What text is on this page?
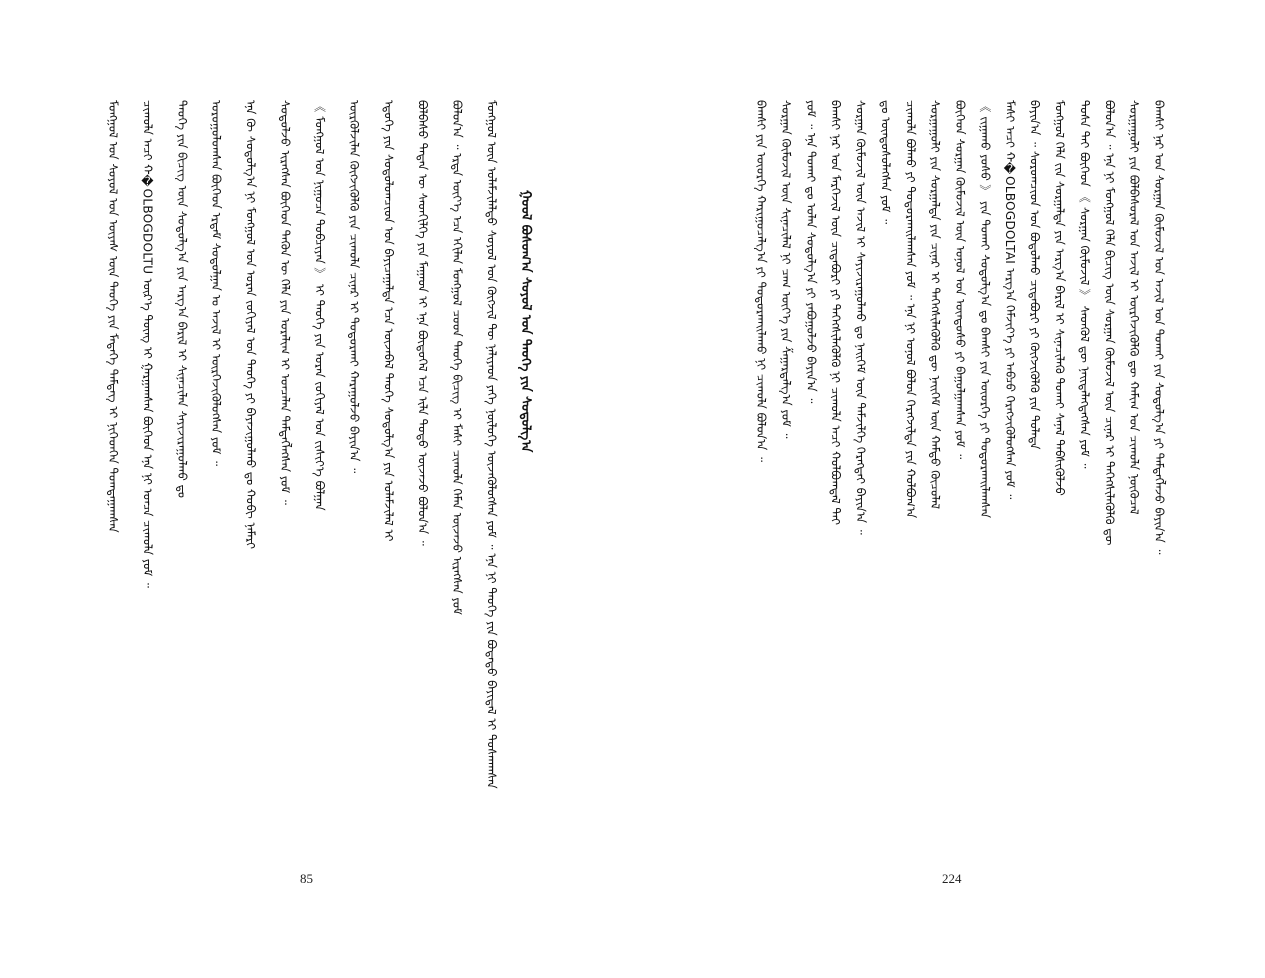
ᠮᠣᠩᠭᠣᠯ ᠤᠨ ᠰᠣᠶᠣᠯ ᠤᠨ ᠦᠶᠡᠰ ᠦᠨ ᠲᠡᠦᠬᠡ ᠶᠢᠨ ᠮᠡᠳᠡᠭᠡ ᠲᠡᠮᠳᠡᠭ ᠢ ᠨᠢᠭᠡᠳᠭᠡᠨ ᠲᠣᠭᠲᠠᠭᠠᠭᠰᠠᠨ ᠴᠢᠬᠤᠯᠠ ᠠᠴᠢ ᠬ�OLBOGDOLTU ᠦᠷ᠎ᠡ ᠳᠦᠩ ᠢ ᠭᠠᠷᠭᠠᠭᠰᠠᠨ ᠪᠥᠭᠡᠳ ᠡᠨᠡ ᠨᠢ ᠣᠨᠴᠠ ᠴᠢᠬᠤᠯᠠ ᠶᠤᠮ ᠃ ᠲᠡᠦᠬᠡ ᠶᠢᠨ ᠪᠢᠴᠢᠭ ᠦᠨ ᠰᠤᠳᠤᠯᠭ᠎ᠠ ᠶᠢᠨ ᠠᠷᠭ᠎ᠠ ᠪᠠᠷᠢᠯ ᠢ ᠰᠢᠨᠡᠴᠢᠯᠡᠨ ᠰᠠᠶᠢᠵᠢᠷᠠᠭᠤᠯᠬᠤ ᠳᠤ ᠣᠷᠣᠭᠤᠯᠤᠭᠰᠠᠨ ᠪᠥᠭᠡᠳ ᠡᠷᠳᠡᠮ ᠰᠤᠳᠤᠯᠭᠠᠨ ᠤ ᠠᠵᠢᠯ ᠢ ᠥᠷᠭᠡᠵᠢᠭᠦᠯᠦᠭᠰᠡᠨ ᠶᠤᠮ ᠃ ᠡᠨᠡ ᠬᠦ ᠰᠤᠳᠤᠯᠭ᠎ᠠ ᠨᠢ ᠮᠣᠩᠭᠣᠯ ᠤᠨ ᠤᠷᠠᠨ ᠵᠣᠬᠢᠶᠠᠯ ᠤᠨ ᠲᠡᠦᠬᠡ ᠶᠢ ᠪᠠᠶᠠᠵᠢᠭᠤᠯᠬᠤ ᠳᠤ ᠬᠤᠪᠢ ᠨᠡᠮᠡᠷᠢ ᠰᠤᠳᠤᠯᠵᠤ ᠢᠷᠡᠭᠰᠡᠨ ᠪᠥᠭᠡᠳ ᠲᠡᠭᠦᠨ ᠦ ᠬᠡᠯᠡ ᠶᠢᠨ ᠤᠷᠠᠯᠢᠭ ᠢ ᠣᠨᠴᠠᠯᠠᠨ ᠲᠡᠮᠳᠡᠭᠯᠡᠭᠰᠡᠨ ᠶᠤᠮ ᠃ 《 ᠮᠣᠩᠭᠣᠯ ᠤᠨ ᠨᠢᠭᠤᠴᠠ ᠲᠣᠪᠴᠢᠶᠠᠨ 》 ᠢ ᠲᠡᠦᠬᠡ ᠶᠢᠨ ᠤᠷᠠᠨ ᠵᠣᠬᠢᠶᠠᠯ ᠤᠨ ᠵᠢᠱᠢᠶ᠎ᠡ ᠪᠣᠯᠭᠠᠨ ᠦᠷᠭᠦᠯᠵᠢᠯᠡᠨ ᠬᠥᠭᠵᠢᠭᠦᠯᠬᠦ ᠶᠢᠨ ᠴᠢᠬᠤᠯᠠ ᠴᠢᠨᠠᠷ ᠢ ᠲᠣᠳᠤᠷᠬᠠᠢ ᠬᠠᠷᠠᠭᠤᠯᠵᠤ ᠪᠠᠶᠢᠨ᠎ᠠ ᠃ ᠡᠳᠦᠭᠡ ᠶᠢᠨ ᠰᠤᠳᠤᠯᠤᠭᠴᠢᠳ ᠤᠨ ᠪᠠᠶᠢᠴᠠᠭᠠᠯᠲᠠ ᠡᠴᠡ ᠦᠵᠡᠪᠡᠯ ᠲᠡᠦᠬᠡ ᠰᠤᠳᠤᠯᠭ᠎ᠠ ᠶᠢᠨ ᠤᠯᠠᠮᠵᠢᠯᠠᠯ ᠢ ᠪᠣᠯᠪᠠᠰᠤ ᠲᠡᠳᠡᠨ ᠦ ᠰᠡᠳᠬᠢᠯᠭᠡ ᠶᠢᠨ ᠮᠠᠭᠠᠳ ᠢ ᠡᠨᠡ ᠪᠦᠲᠦᠭᠡᠯ ᠡᠴᠡ ᠢᠯᠡ ᠲᠣᠳᠣ ᠦᠵᠡᠵᠦ ᠪᠣᠯᠣᠨ᠎ᠠ ᠃ ᠪᠣᠯᠤᠨ᠎ᠠ ᠃ ᠡᠷᠲᠡ ᠦᠶ᠎ᠡ ᠡᠴᠡ ᠡᠬᠢᠯᠡᠨ ᠮᠣᠩᠭᠣᠯ ᠴᠤᠳ ᠲᠡᠦᠬᠡ ᠪᠢᠴᠢᠭ ᠢ ᠮᠠᠰᠢ ᠴᠢᠬᠤᠯᠠ ᠬᠡᠮᠡᠨ ᠦᠵᠡᠵᠦ ᠢᠷᠡᠭᠰᠡᠨ ᠶᠤᠮ ᠮᠣᠩᠭᠣᠯ ᠦᠨ ᠤᠯᠠᠮᠵᠢᠯᠠᠯᠲᠤ ᠰᠣᠶᠣᠯ ᠤᠨ ᠬᠥᠭᠵᠢᠯ ᠲᠦ ᠨᠡᠯᠢᠶᠡᠳ ᠶᠡᠬᠡ ᠨᠥᠯᠦᠭᠡ ᠦᠵᠡᠭᠦᠯᠦᠭᠰᠡᠨ ᠶᠤᠮ ᠃ ᠡᠨᠡ ᠨᠢ ᠲᠡᠦᠬᠡ ᠶᠢᠨ ᠪᠣᠳᠠᠲᠤ ᠪᠠᠶᠢᠳᠠᠯ ᠢ ᠲᠤᠰᠬᠠᠭᠰᠠᠨ ᠭᠣᠣᠯ ᠪᠣᠰᠣᠭ᠎ᠠ ᠰᠣᠶᠣᠯ ᠤᠨ ᠲᠡᠦᠬᠡ ᠶᠢᠨ ᠰᠤᠳᠤᠯᠭ᠎ᠠ
85
ᠪᠠᠭᠰᠢ ᠶᠢᠨ ᠦᠦᠷᠭᠡ ᠬᠠᠷᠢᠭᠤᠴᠠᠯᠭ᠎ᠠ ᠶᠢ ᠲᠣᠳᠣᠷᠬᠠᠢᠯᠠᠬᠤ ᠨᠢ ᠴᠢᠬᠤᠯᠠ ᠪᠣᠯᠤᠨ᠎ᠠ ᠃ ᠰᠤᠷᠭᠠᠨ ᠬᠥᠮᠦᠵᠢᠯ ᠦᠨ ᠰᠢᠨᠡᠴᠢᠯᠡᠯ ᠨᠢ ᠴᠠᠭ ᠦᠶ᠎ᠡ ᠶᠢᠨ ᠱᠠᠭᠠᠷᠳᠠᠯᠭ᠎ᠠ ᠶᠤᠮ ᠃ ᠶᠤᠮ ᠃ ᠡᠨᠡ ᠲᠤᠬᠠᠢ ᠳᠤ ᠣᠯᠠᠨ ᠰᠤᠳᠤᠯᠭ᠎ᠠ ᠶᠢ ᠶᠠᠪᠤᠭᠤᠯᠵᠤ ᠪᠠᠶᠢᠨ᠎ᠠ ᠃ ᠪᠠᠭᠰᠢ ᠨᠠᠷ ᠤᠨ ᠮᠡᠷᠭᠡᠵᠢᠯ ᠦᠨ ᠴᠢᠳᠠᠪᠤᠷᠢ ᠶᠢ ᠳᠡᠭᠡᠭᠰᠢᠯᠡᠭᠦᠯᠬᠦ ᠨᠢ ᠴᠢᠬᠤᠯᠠ ᠠᠴᠢ ᠬᠣᠯᠪᠣᠭᠳᠠᠯ ᠲᠠᠢ ᠰᠤᠷᠭᠠᠨ ᠬᠥᠮᠦᠵᠢᠯ ᠦᠨ ᠠᠵᠢᠯ ᠢ ᠰᠠᠶᠢᠵᠢᠷᠠᠭᠤᠯᠬᠤ ᠳᠤ ᠨᠡᠢᠭᠡᠮ ᠦᠨ ᠳᠡᠮᠵᠢᠯᠭᠡ ᠬᠡᠷᠡᠭᠲᠡᠢ ᠪᠠᠶᠢᠨ᠎ᠠ ᠃ ᠳᠤ ᠦᠨᠳᠦᠰᠦᠯᠡᠭᠰᠡᠨ ᠶᠤᠮ ᠃ ᠴᠢᠬᠤᠯᠠ ᠪᠣᠯᠬᠤ ᠶᠢ ᠲᠣᠳᠣᠷᠬᠠᠢᠯᠠᠭᠰᠠᠨ ᠶᠤᠮ ᠃ ᠡᠨᠡ ᠨᠢ ᠣᠨᠣᠯ ᠪᠣᠯᠣᠨ ᠬᠡᠷᠡᠭᠵᠢᠯᠲᠡ ᠶᠢᠨ ᠬᠣᠯᠪᠣᠭ᠎ᠠ ᠰᠤᠷᠭᠠᠭᠤᠯᠢ ᠶᠢᠨ ᠰᠤᠷᠭᠠᠯᠲᠠ ᠶᠢᠨ ᠴᠢᠨᠠᠷ ᠢ ᠳᠡᠭᠡᠭᠰᠢᠯᠡᠭᠦᠯᠬᠦ ᠳᠦ ᠨᠡᠢᠭᠡᠮ ᠦᠨ ᠬᠠᠮᠲᠤ ᠬᠦᠴᠦᠯᠡᠯ ᠪᠥᠭᠡᠳ ᠰᠤᠷᠭᠠᠨ ᠬᠥᠮᠦᠵᠢᠯ ᠦᠨ ᠣᠨᠣᠯ ᠤᠨ ᠦᠨᠳᠦᠰᠦ ᠶᠢ ᠪᠠᠭᠤᠯᠭᠠᠭᠰᠠᠨ ᠶᠤᠮ ᠃ 《 ᠵᠢᠭᠠᠬᠤ ᠶᠣᠰᠣ 》 ᠶᠢᠨ ᠲᠤᠬᠠᠢ ᠰᠤᠳᠤᠯᠭ᠎ᠠ ᠳᠤ ᠪᠠᠭᠰᠢ ᠶᠢᠨ ᠦᠦᠷᠭᠡ ᠶᠢ ᠲᠣᠳᠣᠷᠬᠠᠢᠯᠠᠭᠰᠠᠨ ᠮᠠᠰᠢ ᠠᠴᠢ ᠬ�OLBOGDOLTAI ᠠᠷᠭ᠎ᠠ ᠬᠡᠮᠵᠢᠶ᠎ᠡ ᠶᠢ ᠠᠪᠴᠤ ᠬᠡᠷᠡᠭᠵᠢᠭᠦᠯᠦᠭᠰᠡᠨ ᠶᠤᠮ ᠃ ᠪᠠᠶᠢᠨ᠎ᠠ ᠃ ᠰᠤᠷᠤᠭᠴᠢᠳ ᠤᠨ ᠪᠣᠳᠣᠯᠬᠤ ᠴᠢᠳᠠᠪᠤᠷᠢ ᠶᠢ ᠬᠥᠭᠵᠢᠭᠦᠯᠬᠦ ᠶᠢᠨ ᠲᠤᠯᠠᠳᠠ ᠮᠣᠩᠭᠣᠯ ᠬᠡᠯᠡ ᠵᠢᠨ ᠰᠤᠷᠭᠠᠯᠲᠠ ᠶᠢᠨ ᠠᠷᠭ᠎ᠠ ᠪᠠᠷᠢᠯ ᠢ ᠰᠢᠨᠡᠴᠢᠯᠡᠬᠦ ᠲᠤᠬᠠᠢ ᠰᠠᠨᠠᠯ ᠳᠡᠪᠰᠢᠭᠦᠯᠵᠦ ᠲᠤᠰᠠ ᠲᠠᠢ ᠪᠥᠭᠡᠳ 《 ᠰᠤᠷᠭᠠᠨ ᠬᠥᠮᠦᠵᠢᠯ 》 ᠰᠡᠳᠬᠦᠯ ᠳᠦ ᠨᠡᠢᠲᠡᠯᠡᠭᠳᠡᠭᠰᠡᠨ ᠶᠤᠮ ᠃ ᠪᠣᠯᠤᠨ᠎ᠠ ᠃ ᠡᠨᠡ ᠨᠢ ᠮᠣᠩᠭᠣᠯ ᠬᠡᠯᠡ ᠪᠢᠴᠢᠭ ᠦᠨ ᠰᠤᠷᠭᠠᠨ ᠬᠥᠮᠦᠵᠢᠯ ᠦᠨ ᠴᠢᠨᠠᠷ ᠢ ᠳᠡᠭᠡᠭᠰᠢᠯᠡᠭᠦᠯᠬᠦ ᠳᠦ ᠰᠤᠷᠭᠠᠭᠤᠯᠢ ᠶᠢᠨ ᠪᠣᠯᠪᠠᠰᠤᠷᠠᠯ ᠤᠨ ᠠᠵᠢᠯ ᠢ ᠥᠷᠭᠡᠵᠢᠭᠦᠯᠬᠦ ᠳᠦ ᠬᠠᠮᠢᠭ ᠤᠨ ᠴᠢᠬᠤᠯᠠ ᠨᠥᠬᠦᠴᠡᠯ ᠪᠠᠭᠰᠢ ᠨᠠᠷ ᠤᠨ ᠰᠤᠷᠭᠠᠨ ᠬᠥᠮᠦᠵᠢᠯ ᠤᠨ ᠠᠵᠢᠯ ᠤᠨ ᠲᠤᠬᠠᠢ ᠶᠢᠨ ᠰᠤᠳᠤᠯᠭ᠎ᠠ ᠶᠢ ᠲᠡᠮᠳᠡᠭᠯᠡᠵᠦ ᠪᠠᠶᠢᠨ᠎ᠠ ᠃
224
